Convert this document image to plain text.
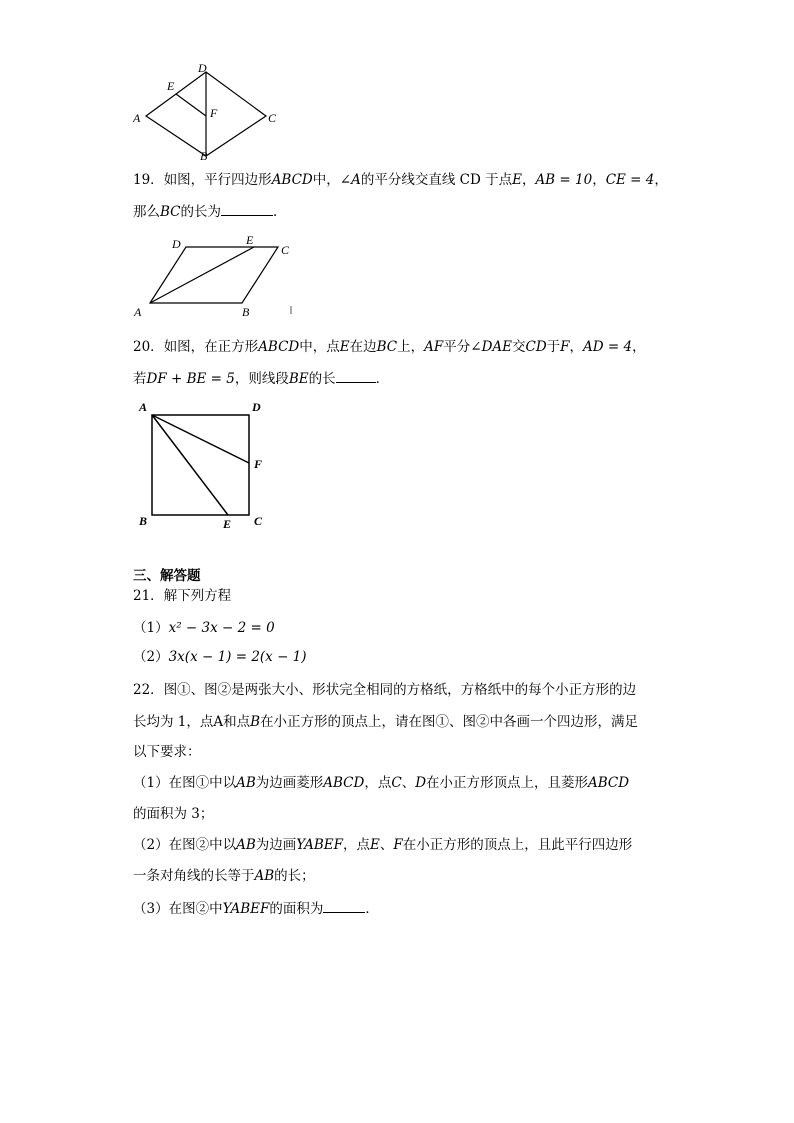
A
B
C
D
E
F
19．如图，平行四边形ABCD中，∠A的平分线交直线 CD 于点E，AB = 10，CE = 4，
那么BC的长为	．
A	B
C
D	E
20．如图，在正方形ABCD中，点E在边BC上，AF平分∠DAE交CD于F，AD = 4，
若DF + BE = 5，则线段BE的长	．
A	D
F
B	E C
三、解答题
21．解下列方程
（1）x² − 3x − 2 = 0
（2）3x(x − 1) = 2(x − 1)
22．图①、图②是两张大小、形状完全相同的方格纸，方格纸中的每个小正方形的边
长均为 1，点A和点B在小正方形的顶点上，请在图①、图②中各画一个四边形，满足
以下要求：
（1）在图①中以AB为边画菱形ABCD，点C、D在小正方形顶点上，且菱形ABCD
的面积为 3；
（2）在图②中以AB为边画YABEF，点E、F在小正方形的顶点上，且此平行四边形
一条对角线的长等于AB的长；
（3）在图②中YABEF的面积为	．
